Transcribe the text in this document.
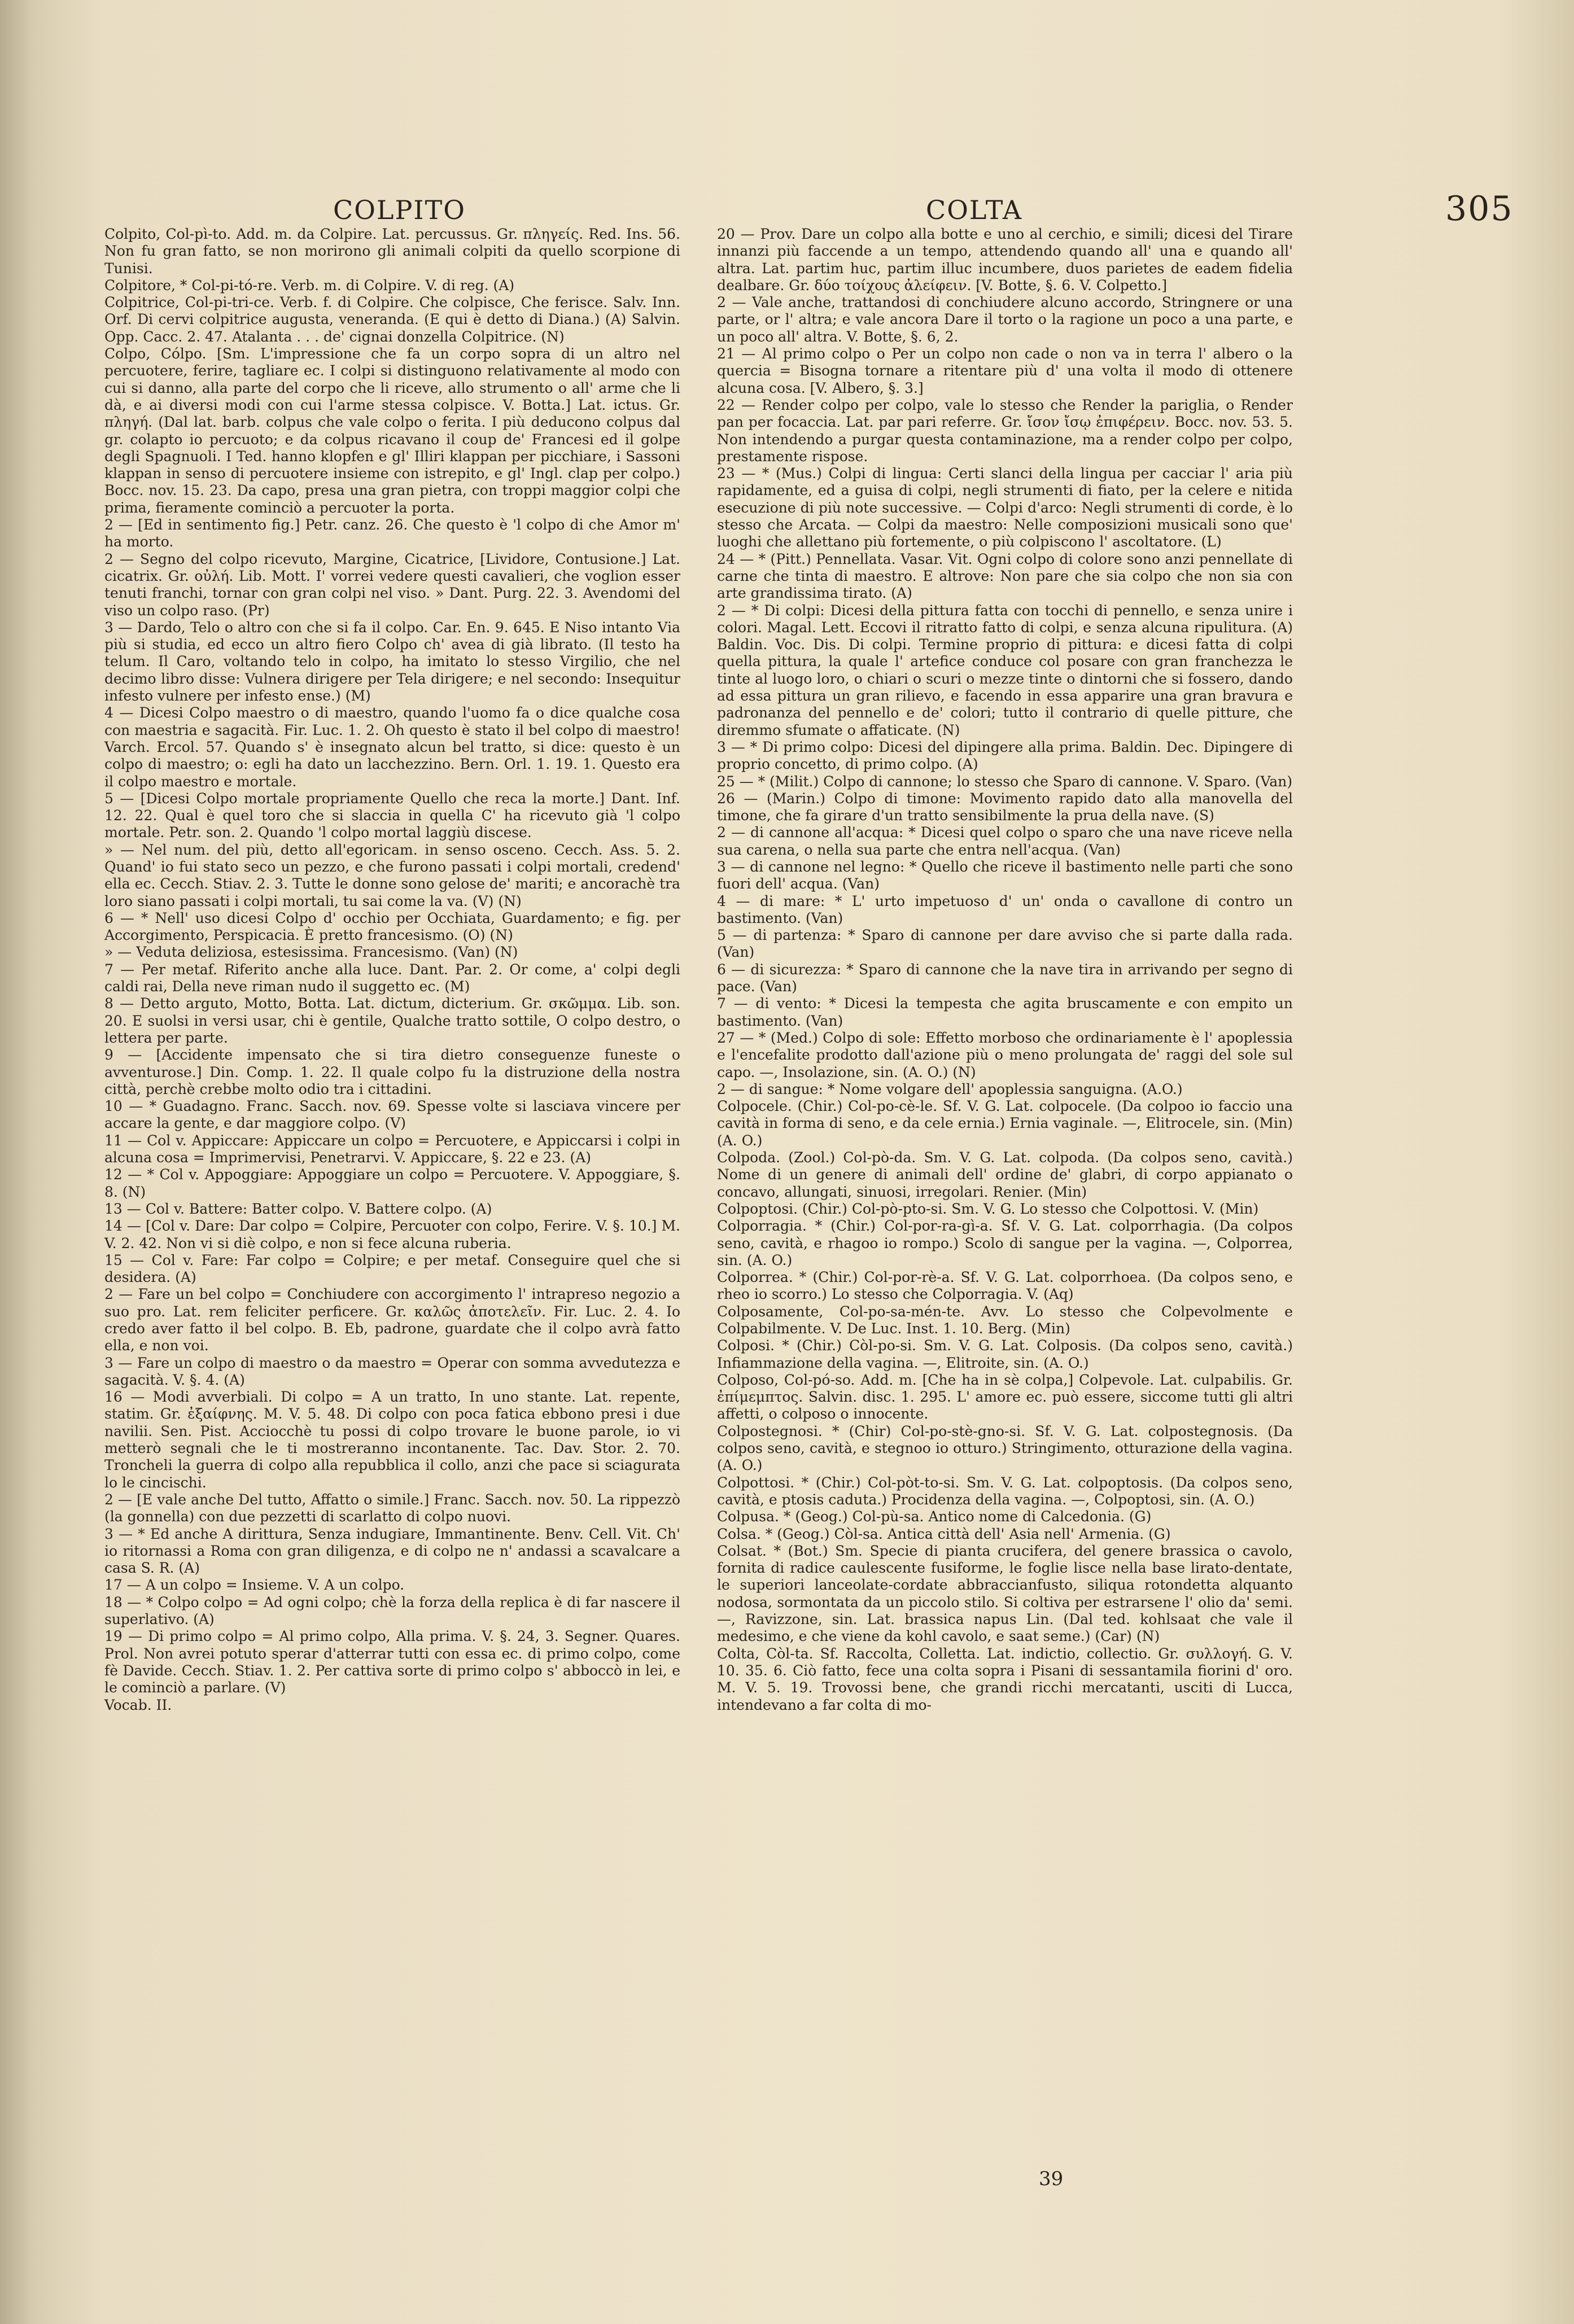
COLPITO	COLTA	305

Colpito, Col-pì-to. Add. m. da Colpire. Lat. percussus. Gr. πληγείς. Red. Ins. 56. Non fu gran fatto, se non morirono gli animali colpiti da quello scorpione di Tunisi.

Colpitore, * Col-pi-tó-re. Verb. m. di Colpire. V. di reg. (A)

Colpitrice, Col-pi-tri-ce. Verb. f. di Colpire. Che colpisce, Che ferisce. Salv. Inn. Orf. Di cervi colpitrice augusta, veneranda. (E qui è detto di Diana.) (A) Salvin. Opp. Cacc. 2. 47. Atalanta . . . de' cignai donzella Colpitrice. (N)

Colpo, Cólpo. [Sm. L'impressione che fa un corpo sopra di un altro nel percuotere, ferire, tagliare ec. I colpi si distinguono relativamente al modo con cui si danno, alla parte del corpo che li riceve, allo strumento o all' arme che li dà, e ai diversi modi con cui l'arme stessa colpisce. V. Botta.] Lat. ictus. Gr. πληγή. (Dal lat. barb. colpus che vale colpo o ferita. I più deducono colpus dal gr. colapto io percuoto; e da colpus ricavano il coup de' Francesi ed il golpe degli Spagnuoli. I Ted. hanno klopfen e gl' Illiri klappan per picchiare, i Sassoni klappan in senso di percuotere insieme con istrepito, e gl' Ingl. clap per colpo.) Bocc. nov. 15. 23. Da capo, presa una gran pietra, con troppi maggior colpi che prima, fieramente cominciò a percuoter la porta.

2 — [Ed in sentimento fig.] Petr. canz. 26. Che questo è 'l colpo di che Amor m' ha morto.

2 — Segno del colpo ricevuto, Margine, Cicatrice, [Lividore, Contusione.] Lat. cicatrix. Gr. οὐλή. Lib. Mott. I' vorrei vedere questi cavalieri, che voglion esser tenuti franchi, tornar con gran colpi nel viso. » Dant. Purg. 22. 3. Avendomi del viso un colpo raso. (Pr)

3 — Dardo, Telo o altro con che si fa il colpo. Car. En. 9. 645. E Niso intanto Via più si studia, ed ecco un altro fiero Colpo ch' avea di già librato. (Il testo ha telum. Il Caro, voltando telo in colpo, ha imitato lo stesso Virgilio, che nel decimo libro disse: Vulnera dirigere per Tela dirigere; e nel secondo: Insequitur infesto vulnere per infesto ense.) (M)

4 — Dicesi Colpo maestro o di maestro, quando l'uomo fa o dice qualche cosa con maestria e sagacità. Fir. Luc. 1. 2. Oh questo è stato il bel colpo di maestro! Varch. Ercol. 57. Quando s' è insegnato alcun bel tratto, si dice: questo è un colpo di maestro; o: egli ha dato un lacchezzino. Bern. Orl. 1. 19. 1. Questo era il colpo maestro e mortale.

5 — [Dicesi Colpo mortale propriamente Quello che reca la morte.] Dant. Inf. 12. 22. Qual è quel toro che si slaccia in quella C' ha ricevuto già 'l colpo mortale. Petr. son. 2. Quando 'l colpo mortal laggiù discese.

» — Nel num. del più, detto all'egoricam. in senso osceno. Cecch. Ass. 5. 2. Quand' io fui stato seco un pezzo, e che furono passati i colpi mortali, credend' ella ec. Cecch. Stiav. 2. 3. Tutte le donne sono gelose de' mariti; e ancorachè tra loro siano passati i colpi mortali, tu sai come la va. (V) (N)

6 — * Nell' uso dicesi Colpo d' occhio per Occhiata, Guardamento; e fig. per Accorgimento, Perspicacia. È pretto francesismo. (O) (N)

» — Veduta deliziosa, estesissima. Francesismo. (Van) (N)

7 — Per metaf. Riferito anche alla luce. Dant. Par. 2. Or come, a' colpi degli caldi rai, Della neve riman nudo il suggetto ec. (M)

8 — Detto arguto, Motto, Botta. Lat. dictum, dicterium. Gr. σκῶμμα. Lib. son. 20. E suolsi in versi usar, chi è gentile, Qualche tratto sottile, O colpo destro, o lettera per parte.

9 — [Accidente impensato che si tira dietro conseguenze funeste o avventurose.] Din. Comp. 1. 22. Il quale colpo fu la distruzione della nostra città, perchè crebbe molto odio tra i cittadini.

10 — * Guadagno. Franc. Sacch. nov. 69. Spesse volte si lasciava vincere per accare la gente, e dar maggiore colpo. (V)

11 — Col v. Appiccare: Appiccare un colpo = Percuotere, e Appiccarsi i colpi in alcuna cosa = Imprimervisi, Penetrarvi. V. Appiccare, §. 22 e 23. (A)

12 — * Col v. Appoggiare: Appoggiare un colpo = Percuotere. V. Appoggiare, §. 8. (N)

13 — Col v. Battere: Batter colpo. V. Battere colpo. (A)

14 — [Col v. Dare: Dar colpo = Colpire, Percuoter con colpo, Ferire. V. §. 10.] M. V. 2. 42. Non vi si diè colpo, e non si fece alcuna ruberia.

15 — Col v. Fare: Far colpo = Colpire; e per metaf. Conseguire quel che si desidera. (A)

2 — Fare un bel colpo = Conchiudere con accorgimento l' intrapreso negozio a suo pro. Lat. rem feliciter perficere. Gr. καλῶς ἀποτελεῖν. Fir. Luc. 2. 4. Io credo aver fatto il bel colpo. B. Eb, padrone, guardate che il colpo avrà fatto ella, e non voi.

3 — Fare un colpo di maestro o da maestro = Operar con somma avvedutezza e sagacità. V. §. 4. (A)

16 — Modi avverbiali. Di colpo = A un tratto, In uno stante. Lat. repente, statim. Gr. ἐξαίφνης. M. V. 5. 48. Di colpo con poca fatica ebbono presi i due navilii. Sen. Pist. Acciocchè tu possi di colpo trovare le buone parole, io vi metterò segnali che le ti mostreranno incontanente. Tac. Dav. Stor. 2. 70. Troncheli la guerra di colpo alla repubblica il collo, anzi che pace si sciagurata lo le cincischi.

2 — [E vale anche Del tutto, Affatto o simile.] Franc. Sacch. nov. 50. La rippezzò (la gonnella) con due pezzetti di scarlatto di colpo nuovi.

3 — * Ed anche A dirittura, Senza indugiare, Immantinente. Benv. Cell. Vit. Ch' io ritornassi a Roma con gran diligenza, e di colpo ne n' andassi a scavalcare a casa S. R. (A)

17 — A un colpo = Insieme. V. A un colpo.

18 — * Colpo colpo = Ad ogni colpo; chè la forza della replica è di far nascere il superlativo. (A)

19 — Di primo colpo = Al primo colpo, Alla prima. V. §. 24, 3. Segner. Quares. Prol. Non avrei potuto sperar d'atterrar tutti con essa ec. di primo colpo, come fè Davide. Cecch. Stiav. 1. 2. Per cattiva sorte di primo colpo s' abboccò in lei, e le cominciò a parlare. (V)

Vocab. II.

20 — Prov. Dare un colpo alla botte e uno al cerchio, e simili; dicesi del Tirare innanzi più faccende a un tempo, attendendo quando all' una e quando all' altra. Lat. partim huc, partim illuc incumbere, duos parietes de eadem fidelia dealbare. Gr. δύο τοίχους ἀλείφειν. [V. Botte, §. 6. V. Colpetto.]

2 — Vale anche, trattandosi di conchiudere alcuno accordo, Stringnere or una parte, or l' altra; e vale ancora Dare il torto o la ragione un poco a una parte, e un poco all' altra. V. Botte, §. 6, 2.

21 — Al primo colpo o Per un colpo non cade o non va in terra l' albero o la quercia = Bisogna tornare a ritentare più d' una volta il modo di ottenere alcuna cosa. [V. Albero, §. 3.]

22 — Render colpo per colpo, vale lo stesso che Render la pariglia, o Render pan per focaccia. Lat. par pari referre. Gr. ἴσον ἴσῳ ἐπιφέρειν. Bocc. nov. 53. 5. Non intendendo a purgar questa contaminazione, ma a render colpo per colpo, prestamente rispose.

23 — * (Mus.) Colpi di lingua: Certi slanci della lingua per cacciar l' aria più rapidamente, ed a guisa di colpi, negli strumenti di fiato, per la celere e nitida esecuzione di più note successive. — Colpi d'arco: Negli strumenti di corde, è lo stesso che Arcata. — Colpi da maestro: Nelle composizioni musicali sono que' luoghi che allettano più fortemente, o più colpiscono l' ascoltatore. (L)

24 — * (Pitt.) Pennellata. Vasar. Vit. Ogni colpo di colore sono anzi pennellate di carne che tinta di maestro. E altrove: Non pare che sia colpo che non sia con arte grandissima tirato. (A)

2 — * Di colpi: Dicesi della pittura fatta con tocchi di pennello, e senza unire i colori. Magal. Lett. Eccovi il ritratto fatto di colpi, e senza alcuna ripulitura. (A) Baldin. Voc. Dis. Di colpi. Termine proprio di pittura: e dicesi fatta di colpi quella pittura, la quale l' artefice conduce col posare con gran franchezza le tinte al luogo loro, o chiari o scuri o mezze tinte o dintorni che si fossero, dando ad essa pittura un gran rilievo, e facendo in essa apparire una gran bravura e padronanza del pennello e de' colori; tutto il contrario di quelle pitture, che diremmo sfumate o affaticate. (N)

3 — * Di primo colpo: Dicesi del dipingere alla prima. Baldin. Dec. Dipingere di proprio concetto, di primo colpo. (A)

25 — * (Milit.) Colpo di cannone; lo stesso che Sparo di cannone. V. Sparo. (Van)

26 — (Marin.) Colpo di timone: Movimento rapido dato alla manovella del timone, che fa girare d'un tratto sensibilmente la prua della nave. (S)

2 — di cannone all'acqua: * Dicesi quel colpo o sparo che una nave riceve nella sua carena, o nella sua parte che entra nell'acqua. (Van)

3 — di cannone nel legno: * Quello che riceve il bastimento nelle parti che sono fuori dell' acqua. (Van)

4 — di mare: * L' urto impetuoso d' un' onda o cavallone di contro un bastimento. (Van)

5 — di partenza: * Sparo di cannone per dare avviso che si parte dalla rada. (Van)

6 — di sicurezza: * Sparo di cannone che la nave tira in arrivando per segno di pace. (Van)

7 — di vento: * Dicesi la tempesta che agita bruscamente e con empito un bastimento. (Van)

27 — * (Med.) Colpo di sole: Effetto morboso che ordinariamente è l' apoplessia e l'encefalite prodotto dall'azione più o meno prolungata de' raggi del sole sul capo. —, Insolazione, sin. (A. O.) (N)

2 — di sangue: * Nome volgare dell' apoplessia sanguigna. (A.O.)

Colpocele. (Chir.) Col-po-cè-le. Sf. V. G. Lat. colpocele. (Da colpoo io faccio una cavità in forma di seno, e da cele ernia.) Ernia vaginale. —, Elitrocele, sin. (Min) (A. O.)

Colpoda. (Zool.) Col-pò-da. Sm. V. G. Lat. colpoda. (Da colpos seno, cavità.) Nome di un genere di animali dell' ordine de' glabri, di corpo appianato o concavo, allungati, sinuosi, irregolari. Renier. (Min)

Colpoptosi. (Chir.) Col-pò-pto-si. Sm. V. G. Lo stesso che Colpottosi. V. (Min)

Colporragia. * (Chir.) Col-por-ra-gì-a. Sf. V. G. Lat. colporrhagia. (Da colpos seno, cavità, e rhagoo io rompo.) Scolo di sangue per la vagina. —, Colporrea, sin. (A. O.)

Colporrea. * (Chir.) Col-por-rè-a. Sf. V. G. Lat. colporrhoea. (Da colpos seno, e rheo io scorro.) Lo stesso che Colporragia. V. (Aq)

Colposamente, Col-po-sa-mén-te. Avv. Lo stesso che Colpevolmente e Colpabilmente. V. De Luc. Inst. 1. 10. Berg. (Min)

Colposi. * (Chir.) Còl-po-si. Sm. V. G. Lat. Colposis. (Da colpos seno, cavità.) Infiammazione della vagina. —, Elitroite, sin. (A. O.)

Colposo, Col-pó-so. Add. m. [Che ha in sè colpa,] Colpevole. Lat. culpabilis. Gr. ἐπίμεμπτος. Salvin. disc. 1. 295. L' amore ec. può essere, siccome tutti gli altri affetti, o colposo o innocente.

Colpostegnosi. * (Chir) Col-po-stè-gno-si. Sf. V. G. Lat. colpostegnosis. (Da colpos seno, cavità, e stegnoo io otturo.) Stringimento, otturazione della vagina. (A. O.)

Colpottosi. * (Chir.) Col-pòt-to-si. Sm. V. G. Lat. colpoptosis. (Da colpos seno, cavità, e ptosis caduta.) Procidenza della vagina. —, Colpoptosi, sin. (A. O.)

Colpusa. * (Geog.) Col-pù-sa. Antico nome di Calcedonia. (G)

Colsa. * (Geog.) Còl-sa. Antica città dell' Asia nell' Armenia. (G)

Colsat. * (Bot.) Sm. Specie di pianta crucifera, del genere brassica o cavolo, fornita di radice caulescente fusiforme, le foglie lisce nella base lirato-dentate, le superiori lanceolate-cordate abbraccianfusto, siliqua rotondetta alquanto nodosa, sormontata da un piccolo stilo. Si coltiva per estrarsene l' olio da' semi. —, Ravizzone, sin. Lat. brassica napus Lin. (Dal ted. kohlsaat che vale il medesimo, e che viene da kohl cavolo, e saat seme.) (Car) (N)

Colta, Còl-ta. Sf. Raccolta, Colletta. Lat. indictio, collectio. Gr. συλλογή. G. V. 10. 35. 6. Ciò fatto, fece una colta sopra i Pisani di sessantamila fiorini d' oro. M. V. 5. 19. Trovossi bene, che grandi ricchi mercatanti, usciti di Lucca, intendevano a far colta di mo-

39
